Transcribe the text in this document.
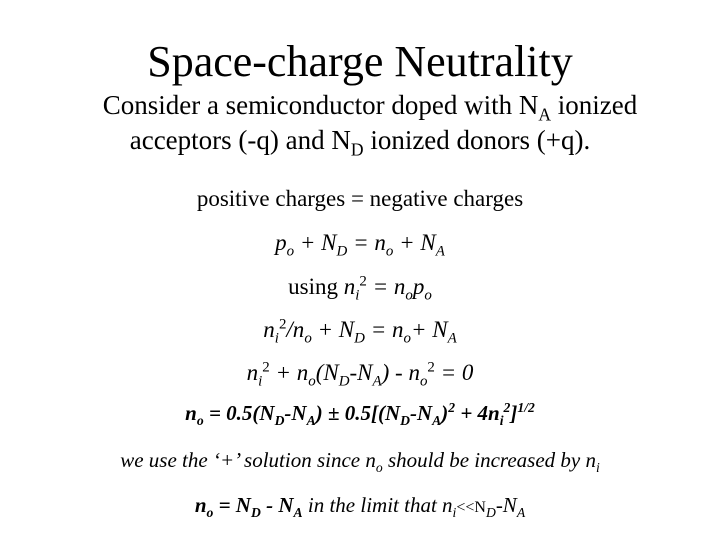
Space-charge Neutrality
Consider a semiconductor doped with $N_A$ ionized
acceptors (-q) and $N_D$ ionized donors (+q).
positive charges = negative charges
$p_o + N_D = n_o + N_A$
using $n_i^2 = n_op_o$
$n_i^2/n_o + N_D = n_o+ N_A$
$n_i^2 + n_o(N_D-N_A) - n_o^2 = 0$
$n_o = 0.5(N_D-N_A) \pm 0.5[(N_D-N_A)^2 + 4n_i^2]^{1/2}$
we use the ‘+’ solution since $n_o$ should be increased by $n_i$
$n_o = N_D - N_A$ in the limit that $n_i<<N_D-N_A$
